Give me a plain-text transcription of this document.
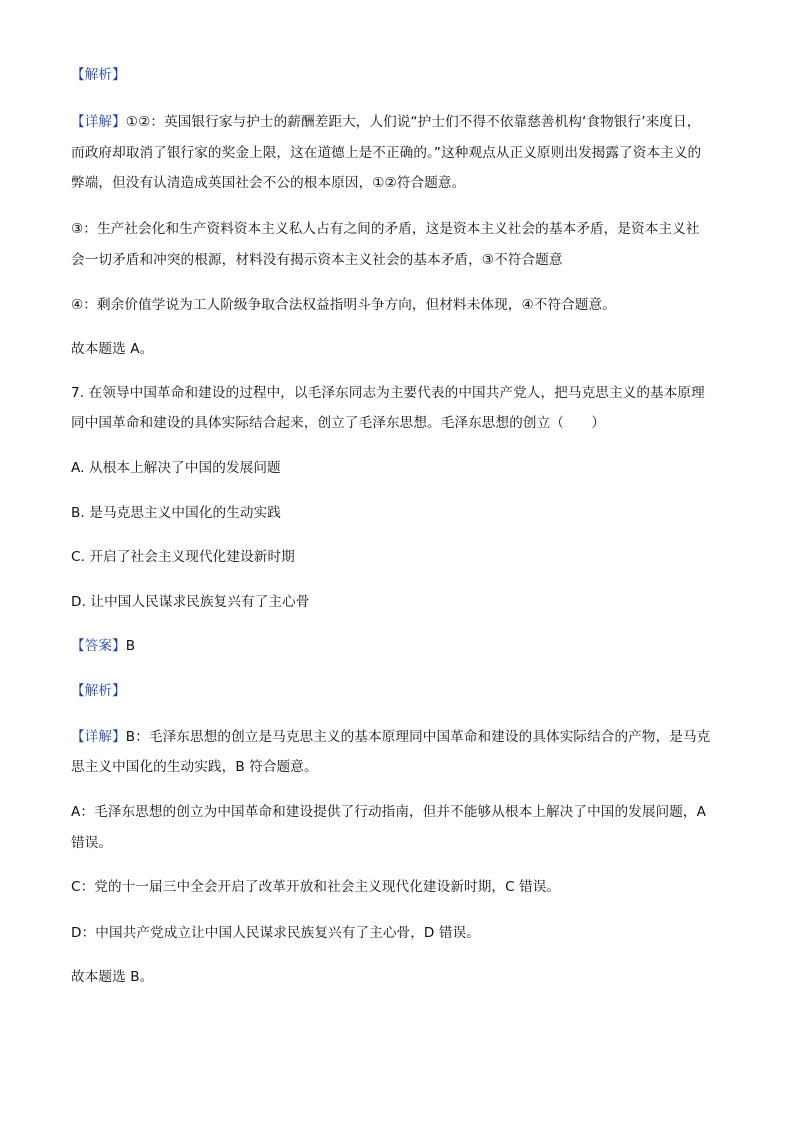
【解析】
【详解】①②：英国银行家与护士的薪酬差距大，人们说“护士们不得不依靠慈善机构‘食物银行’来度日，
而政府却取消了银行家的奖金上限，这在道德上是不正确的。”这种观点从正义原则出发揭露了资本主义的
弊端，但没有认清造成英国社会不公的根本原因，①②符合题意。
③：生产社会化和生产资料资本主义私人占有之间的矛盾，这是资本主义社会的基本矛盾，是资本主义社
会一切矛盾和冲突的根源，材料没有揭示资本主义社会的基本矛盾，③不符合题意
④：剩余价值学说为工人阶级争取合法权益指明斗争方向，但材料未体现，④不符合题意。
故本题选 A。
7. 在领导中国革命和建设的过程中，以毛泽东同志为主要代表的中国共产党人，把马克思主义的基本原理
同中国革命和建设的具体实际结合起来，创立了毛泽东思想。毛泽东思想的创立（　　）
A. 从根本上解决了中国的发展问题
B. 是马克思主义中国化的生动实践
C. 开启了社会主义现代化建设新时期
D. 让中国人民谋求民族复兴有了主心骨
【答案】B
【解析】
【详解】B：毛泽东思想的创立是马克思主义的基本原理同中国革命和建设的具体实际结合的产物，是马克
思主义中国化的生动实践，B 符合题意。
A：毛泽东思想的创立为中国革命和建设提供了行动指南，但并不能够从根本上解决了中国的发展问题，A
错误。
C：党的十一届三中全会开启了改革开放和社会主义现代化建设新时期，C 错误。
D：中国共产党成立让中国人民谋求民族复兴有了主心骨，D 错误。
故本题选 B。
